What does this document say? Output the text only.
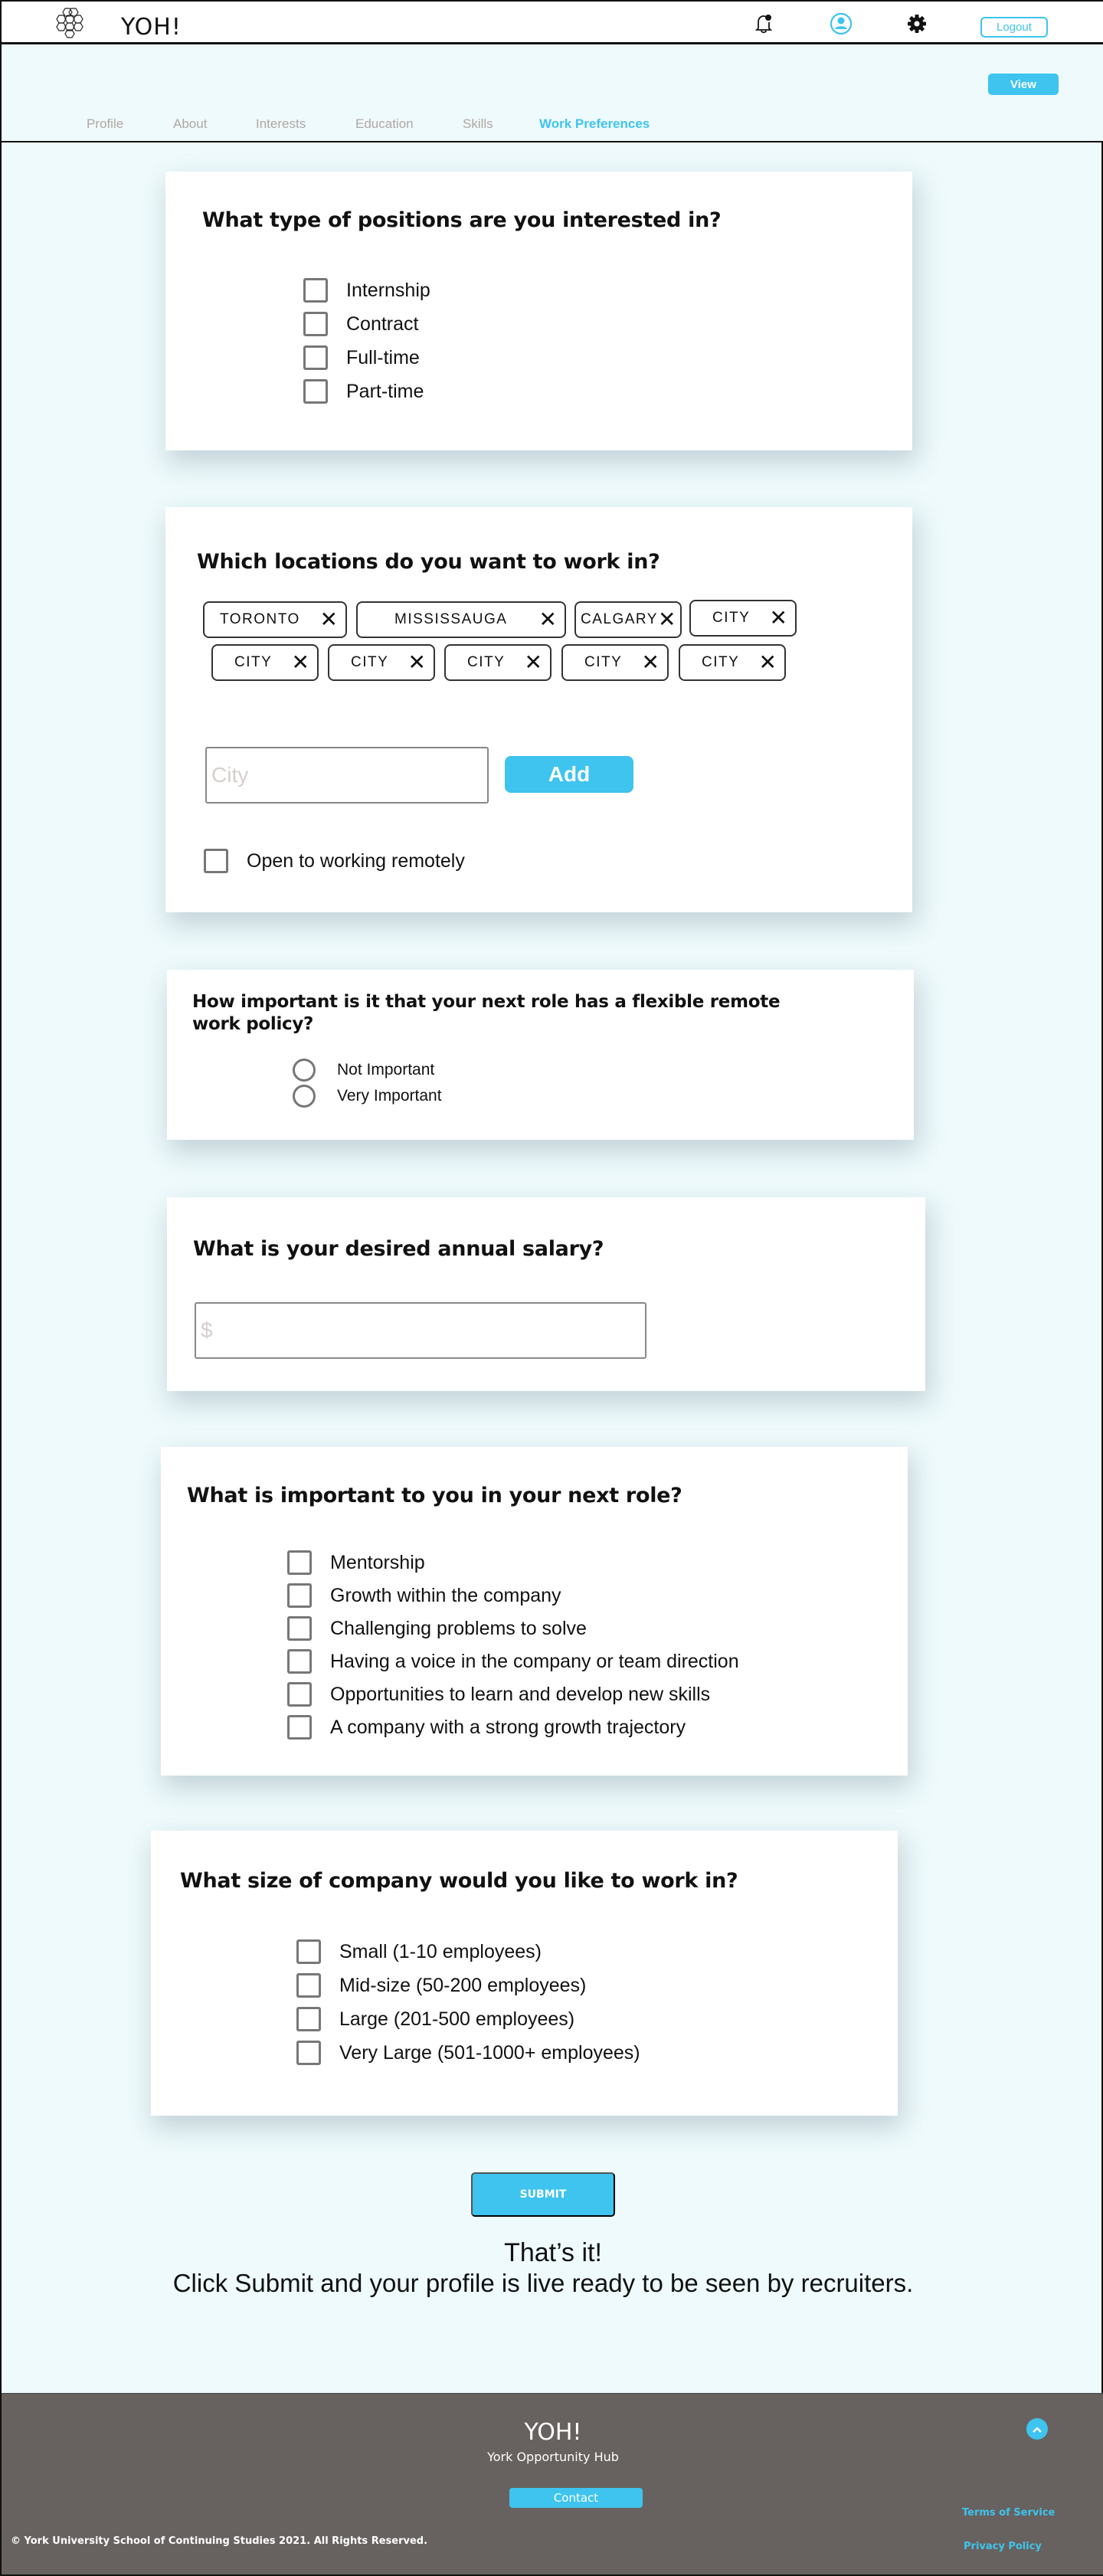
YOH!	Logout
View
Profile	About	Interests	Education	Skills	Work Preferences
What type of positions are you interested in?
Internship
Contract
Full-time
Part-time
Which locations do you want to work in?
TORONTO ✕	MISSISSAUGA ✕ CALGARY ✕	CITY ✕
CITY ✕	CITY ✕	CITY ✕	CITY ✕	CITY ✕
City
Add
Open to working remotely
How important is it that your next role has a flexible remote
work policy?
Not Important
Very Important
What is your desired annual salary?
$
What is important to you in your next role?
Mentorship
Growth within the company
Challenging problems to solve
Having a voice in the company or team direction
Opportunities to learn and develop new skills
A company with a strong growth trajectory
What size of company would you like to work in?
Small (1-10 employees)
Mid-size (50-200 employees)
Large (201-500 employees)
Very Large (501-1000+ employees)
SUBMIT
That’s it!
Click Submit and your profile is live ready to be seen by recruiters.
YOH!
York Opportunity Hub
Contact
Terms of Service
Privacy Policy
© York University School of Continuing Studies 2021. All Rights Reserved.
